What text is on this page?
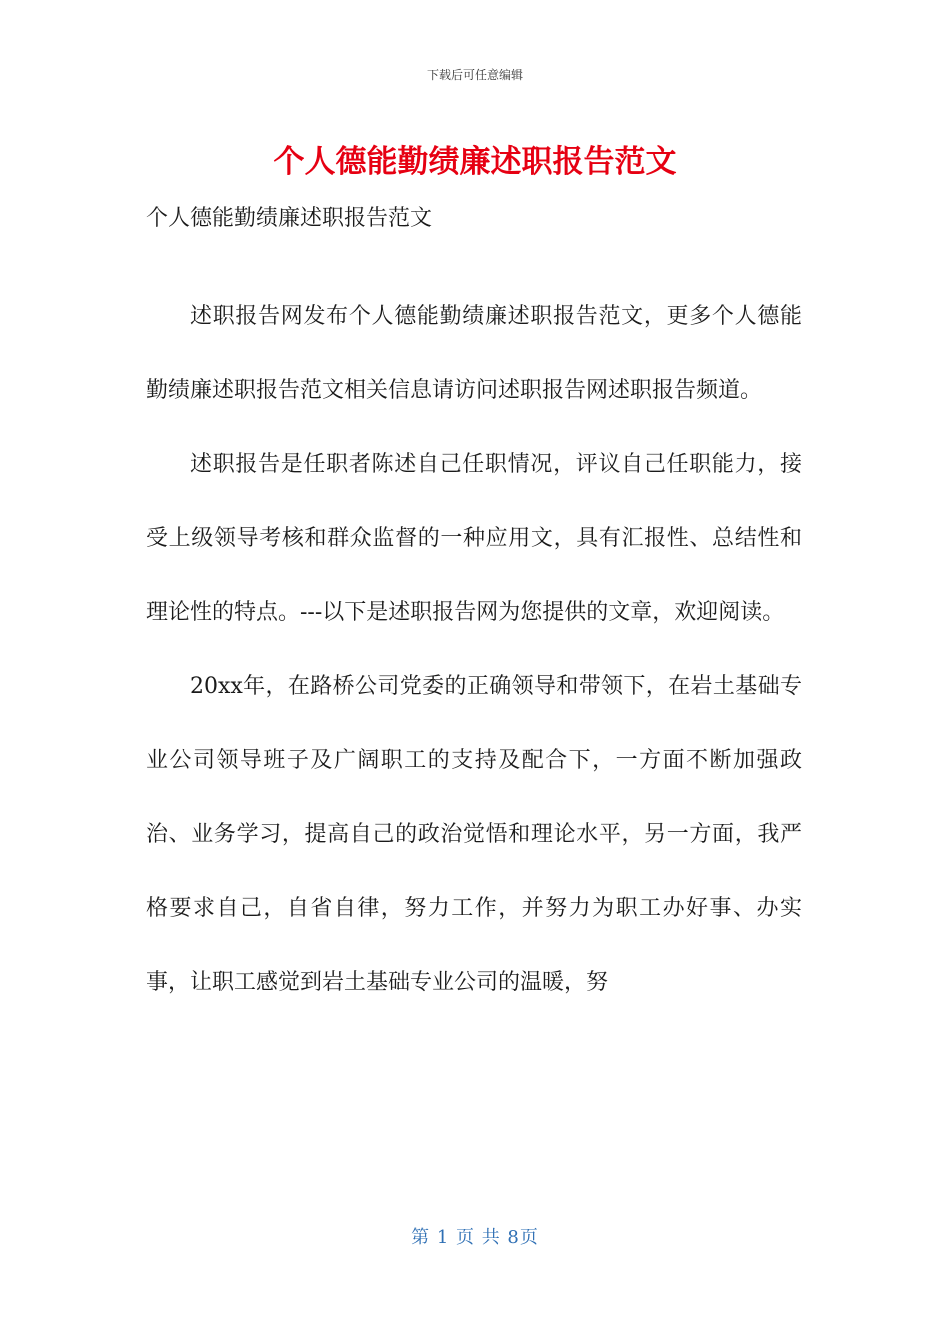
下载后可任意编辑
个人德能勤绩廉述职报告范文

个人德能勤绩廉述职报告范文

述职报告网发布个人德能勤绩廉述职报告范文，更多个人德能勤绩廉述职报告范文相关信息请访问述职报告网述职报告频道。

述职报告是任职者陈述自己任职情况，评议自己任职能力，接受上级领导考核和群众监督的一种应用文，具有汇报性、总结性和理论性的特点。---以下是述职报告网为您提供的文章，欢迎阅读。

20xx年，在路桥公司党委的正确领导和带领下，在岩土基础专业公司领导班子及广阔职工的支持及配合下，一方面不断加强政治、业务学习，提高自己的政治觉悟和理论水平，另一方面，我严格要求自己，自省自律，努力工作，并努力为职工办好事、办实事，让职工感觉到岩土基础专业公司的温暖，努

第 1 页 共 8页
